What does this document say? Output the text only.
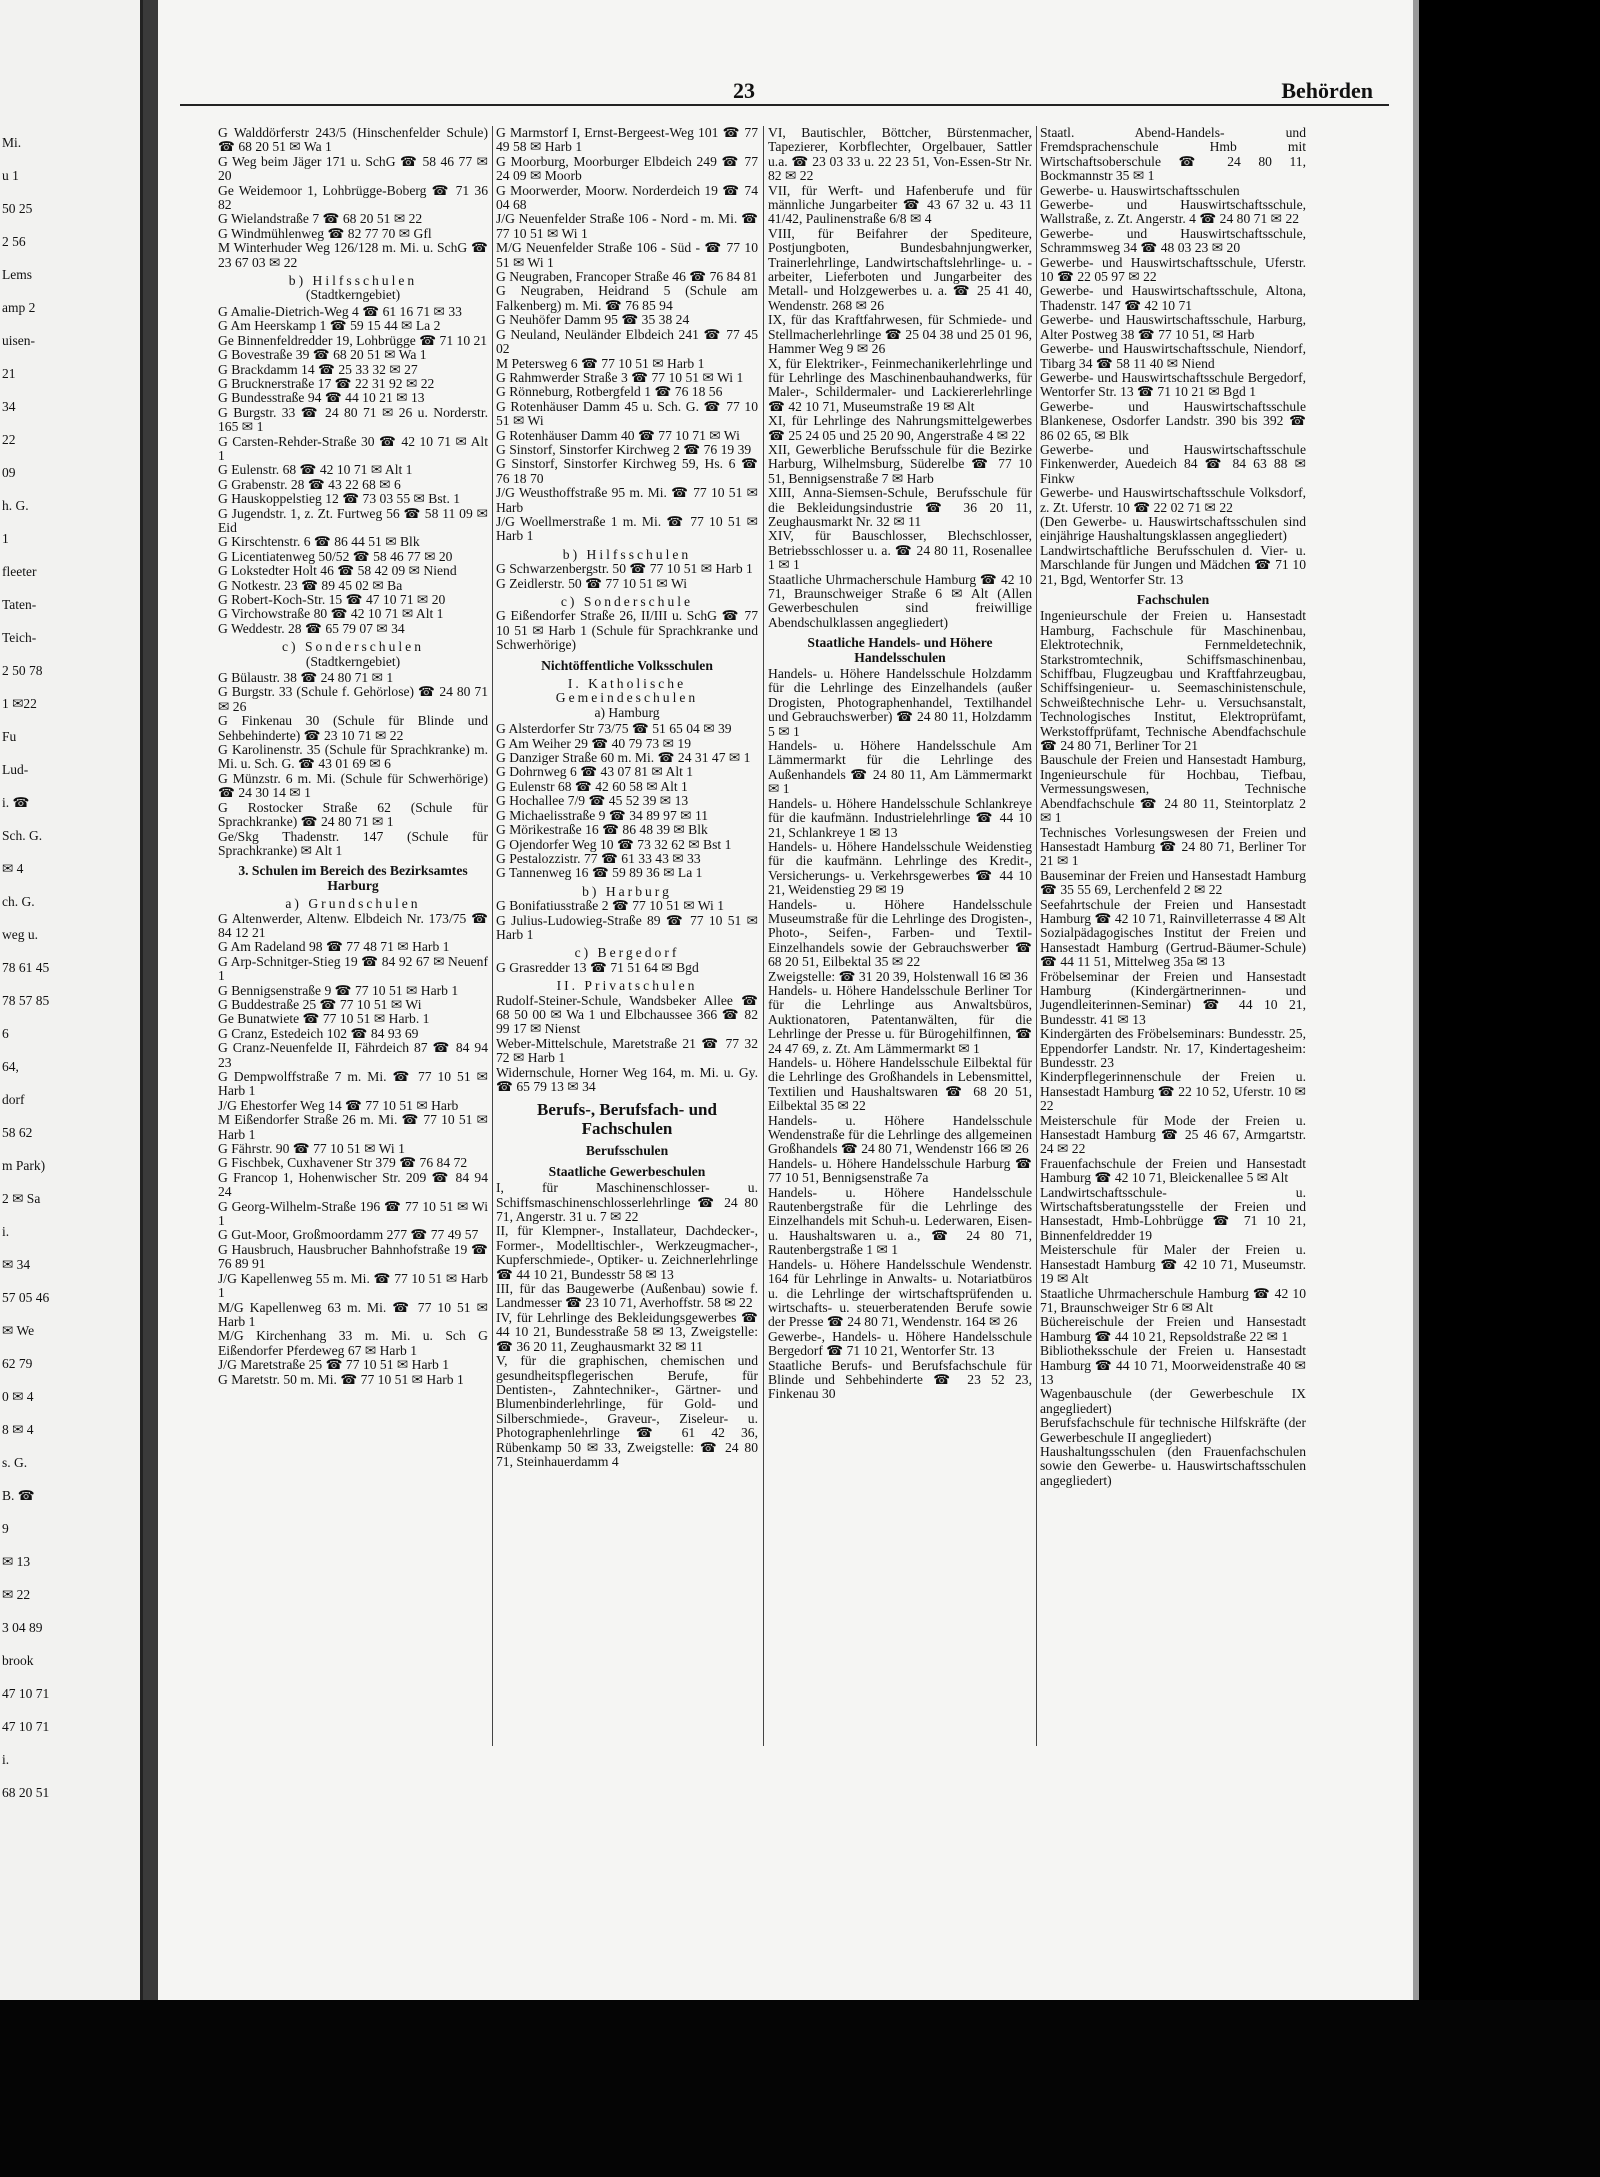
Mi.
u 1
50 25
2 56
Lems
amp 2
uisen-
21
34
22
09
h. G.
1
fleeter
Taten-
Teich-
2 50 78
1 ✉22
Fu
Lud-
i. ☎
Sch. G.
✉ 4
ch. G.
weg u.
78 61 45
78 57 85
6
64,
dorf
58 62
m Park)
2 ✉ Sa
i.
✉ 34
57 05 46
✉ We
62 79
0 ✉ 4
8 ✉ 4
s. G.
B. ☎
9
✉ 13
✉ 22
3 04 89
brook
47 10 71
47 10 71
i.
68 20 51
23	Behörden

G Walddörferstr 243/5 (Hinschenfelder Schule) ☎ 68 20 51 ✉ Wa 1

G Weg beim Jäger 171 u. SchG ☎ 58 46 77 ✉ 20

Ge Weidemoor 1, Lohbrügge-Boberg ☎ 71 36 82

G Wielandstraße 7 ☎ 68 20 51 ✉ 22

G Windmühlenweg ☎ 82 77 70 ✉ Gfl

M Winterhuder Weg 126/128 m. Mi. u. SchG ☎ 23 67 03 ✉ 22

b) Hilfsschulen

(Stadtkerngebiet)

G Amalie-Dietrich-Weg 4 ☎ 61 16 71 ✉ 33

G Am Heerskamp 1 ☎ 59 15 44 ✉ La 2

Ge Binnenfeldredder 19, Lohbrügge ☎ 71 10 21

G Bovestraße 39 ☎ 68 20 51 ✉ Wa 1

G Brackdamm 14 ☎ 25 33 32 ✉ 27

G Brucknerstraße 17 ☎ 22 31 92 ✉ 22

G Bundesstraße 94 ☎ 44 10 21 ✉ 13

G Burgstr. 33 ☎ 24 80 71 ✉ 26 u. Norderstr. 165 ✉ 1

G Carsten-Rehder-Straße 30 ☎ 42 10 71 ✉ Alt 1

G Eulenstr. 68 ☎ 42 10 71 ✉ Alt 1

G Grabenstr. 28 ☎ 43 22 68 ✉ 6

G Hauskoppelstieg 12 ☎ 73 03 55 ✉ Bst. 1

G Jugendstr. 1, z. Zt. Furtweg 56 ☎ 58 11 09 ✉ Eid

G Kirschtenstr. 6 ☎ 86 44 51 ✉ Blk

G Licentiatenweg 50/52 ☎ 58 46 77 ✉ 20

G Lokstedter Holt 46 ☎ 58 42 09 ✉ Niend

G Notkestr. 23 ☎ 89 45 02 ✉ Ba

G Robert-Koch-Str. 15 ☎ 47 10 71 ✉ 20

G Virchowstraße 80 ☎ 42 10 71 ✉ Alt 1

G Weddestr. 28 ☎ 65 79 07 ✉ 34

c) Sonderschulen

(Stadtkerngebiet)

G Bülaustr. 38 ☎ 24 80 71 ✉ 1

G Burgstr. 33 (Schule f. Gehörlose) ☎ 24 80 71 ✉ 26

G Finkenau 30 (Schule für Blinde und Sehbehinderte) ☎ 23 10 71 ✉ 22

G Karolinenstr. 35 (Schule für Sprachkranke) m. Mi. u. Sch. G. ☎ 43 01 69 ✉ 6

G Münzstr. 6 m. Mi. (Schule für Schwerhörige) ☎ 24 30 14 ✉ 1

G Rostocker Straße 62 (Schule für Sprachkranke) ☎ 24 80 71 ✉ 1

Ge/Skg Thadenstr. 147 (Schule für Sprachkranke) ✉ Alt 1

3. Schulen im Bereich des Bezirksamtes Harburg

a) Grundschulen

G Altenwerder, Altenw. Elbdeich Nr. 173/75 ☎ 84 12 21

G Am Radeland 98 ☎ 77 48 71 ✉ Harb 1

G Arp-Schnitger-Stieg 19 ☎ 84 92 67 ✉ Neuenf 1

G Bennigsenstraße 9 ☎ 77 10 51 ✉ Harb 1

G Buddestraße 25 ☎ 77 10 51 ✉ Wi

Ge Bunatwiete ☎ 77 10 51 ✉ Harb. 1

G Cranz, Estedeich 102 ☎ 84 93 69

G Cranz-Neuenfelde II, Fährdeich 87 ☎ 84 94 23

G Dempwolffstraße 7 m. Mi. ☎ 77 10 51 ✉ Harb 1

J/G Ehestorfer Weg 14 ☎ 77 10 51 ✉ Harb

M Eißendorfer Straße 26 m. Mi. ☎ 77 10 51 ✉ Harb 1

G Fährstr. 90 ☎ 77 10 51 ✉ Wi 1

G Fischbek, Cuxhavener Str 379 ☎ 76 84 72

G Francop 1, Hohenwischer Str. 209 ☎ 84 94 24

G Georg-Wilhelm-Straße 196 ☎ 77 10 51 ✉ Wi 1

G Gut-Moor, Großmoordamm 277 ☎ 77 49 57

G Hausbruch, Hausbrucher Bahnhofstraße 19 ☎ 76 89 91

J/G Kapellenweg 55 m. Mi. ☎ 77 10 51 ✉ Harb 1

M/G Kapellenweg 63 m. Mi. ☎ 77 10 51 ✉ Harb 1

M/G Kirchenhang 33 m. Mi. u. Sch G Eißendorfer Pferdeweg 67 ✉ Harb 1

J/G Maretstraße 25 ☎ 77 10 51 ✉ Harb 1

G Maretstr. 50 m. Mi. ☎ 77 10 51 ✉ Harb 1

G Marmstorf I, Ernst-Bergeest-Weg 101 ☎ 77 49 58 ✉ Harb 1

G Moorburg, Moorburger Elbdeich 249 ☎ 77 24 09 ✉ Moorb

G Moorwerder, Moorw. Norderdeich 19 ☎ 74 04 68

J/G Neuenfelder Straße 106 - Nord - m. Mi. ☎ 77 10 51 ✉ Wi 1

M/G Neuenfelder Straße 106 - Süd - ☎ 77 10 51 ✉ Wi 1

G Neugraben, Francoper Straße 46 ☎ 76 84 81

G Neugraben, Heidrand 5 (Schule am Falkenberg) m. Mi. ☎ 76 85 94

G Neuhöfer Damm 95 ☎ 35 38 24

G Neuland, Neuländer Elbdeich 241 ☎ 77 45 02

M Petersweg 6 ☎ 77 10 51 ✉ Harb 1

G Rahmwerder Straße 3 ☎ 77 10 51 ✉ Wi 1

G Rönneburg, Rotbergfeld 1 ☎ 76 18 56

G Rotenhäuser Damm 45 u. Sch. G. ☎ 77 10 51 ✉ Wi

G Rotenhäuser Damm 40 ☎ 77 10 71 ✉ Wi

G Sinstorf, Sinstorfer Kirchweg 2 ☎ 76 19 39

G Sinstorf, Sinstorfer Kirchweg 59, Hs. 6 ☎ 76 18 70

J/G Weusthoffstraße 95 m. Mi. ☎ 77 10 51 ✉ Harb

J/G Woellmerstraße 1 m. Mi. ☎ 77 10 51 ✉ Harb 1

b) Hilfsschulen

G Schwarzenbergstr. 50 ☎ 77 10 51 ✉ Harb 1

G Zeidlerstr. 50 ☎ 77 10 51 ✉ Wi

c) Sonderschule

G Eißendorfer Straße 26, II/III u. SchG ☎ 77 10 51 ✉ Harb 1 (Schule für Sprachkranke und Schwerhörige)

Nichtöffentliche Volksschulen

I. Katholische Gemeindeschulen

a) Hamburg

G Alsterdorfer Str 73/75 ☎ 51 65 04 ✉ 39

G Am Weiher 29 ☎ 40 79 73 ✉ 19

G Danziger Straße 60 m. Mi. ☎ 24 31 47 ✉ 1

G Dohrnweg 6 ☎ 43 07 81 ✉ Alt 1

G Eulenstr 68 ☎ 42 60 58 ✉ Alt 1

G Hochallee 7/9 ☎ 45 52 39 ✉ 13

G Michaelisstraße 9 ☎ 34 89 97 ✉ 11

G Mörikestraße 16 ☎ 86 48 39 ✉ Blk

G Ojendorfer Weg 10 ☎ 73 32 62 ✉ Bst 1

G Pestalozzistr. 77 ☎ 61 33 43 ✉ 33

G Tannenweg 16 ☎ 59 89 36 ✉ La 1

b) Harburg

G Bonifatiusstraße 2 ☎ 77 10 51 ✉ Wi 1

G Julius-Ludowieg-Straße 89 ☎ 77 10 51 ✉ Harb 1

c) Bergedorf

G Grasredder 13 ☎ 71 51 64 ✉ Bgd

II. Privatschulen

Rudolf-Steiner-Schule, Wandsbeker Allee ☎ 68 50 00 ✉ Wa 1 und Elbchaussee 366 ☎ 82 99 17 ✉ Nienst

Weber-Mittelschule, Maretstraße 21 ☎ 77 32 72 ✉ Harb 1

Widernschule, Horner Weg 164, m. Mi. u. Gy. ☎ 65 79 13 ✉ 34

Berufs-, Berufsfach- und Fachschulen

Berufsschulen

Staatliche Gewerbeschulen

I, für Maschinenschlosser- u. Schiffsmaschinenschlosserlehrlinge ☎ 24 80 71, Angerstr. 31 u. 7 ✉ 22

II, für Klempner-, Installateur, Dachdecker-, Former-, Modelltischler-, Werkzeugmacher-, Kupferschmiede-, Optiker- u. Zeichnerlehrlinge ☎ 44 10 21, Bundesstr 58 ✉ 13

III, für das Baugewerbe (Außenbau) sowie f. Landmesser ☎ 23 10 71, Averhoffstr. 58 ✉ 22

IV, für Lehrlinge des Bekleidungsgewerbes ☎ 44 10 21, Bundesstraße 58 ✉ 13, Zweigstelle: ☎ 36 20 11, Zeughausmarkt 32 ✉ 11

V, für die graphischen, chemischen und gesundheitspflegerischen Berufe, für Dentisten-, Zahntechniker-, Gärtner- und Blumenbinderlehrlinge, für Gold- und Silberschmiede-, Graveur-, Ziseleur- u. Photographenlehrlinge ☎ 61 42 36, Rübenkamp 50 ✉ 33, Zweigstelle: ☎ 24 80 71, Steinhauerdamm 4

VI, Bautischler, Böttcher, Bürstenmacher, Tapezierer, Korbflechter, Orgelbauer, Sattler u.a. ☎ 23 03 33 u. 22 23 51, Von-Essen-Str Nr. 82 ✉ 22

VII, für Werft- und Hafenberufe und für männliche Jungarbeiter ☎ 43 67 32 u. 43 11 41/42, Paulinenstraße 6/8 ✉ 4

VIII, für Beifahrer der Spediteure, Postjungboten, Bundesbahnjungwerker, Trainerlehrlinge, Landwirtschaftslehrlinge- u. -arbeiter, Lieferboten und Jungarbeiter des Metall- und Holzgewerbes u. a. ☎ 25 41 40, Wendenstr. 268 ✉ 26

IX, für das Kraftfahrwesen, für Schmiede- und Stellmacherlehrlinge ☎ 25 04 38 und 25 01 96, Hammer Weg 9 ✉ 26

X, für Elektriker-, Feinmechanikerlehrlinge und für Lehrlinge des Maschinenbauhandwerks, für Maler-, Schildermaler- und Lackiererlehrlinge ☎ 42 10 71, Museumstraße 19 ✉ Alt

XI, für Lehrlinge des Nahrungsmittelgewerbes ☎ 25 24 05 und 25 20 90, Angerstraße 4 ✉ 22

XII, Gewerbliche Berufsschule für die Bezirke Harburg, Wilhelmsburg, Süderelbe ☎ 77 10 51, Bennigsenstraße 7 ✉ Harb

XIII, Anna-Siemsen-Schule, Berufsschule für die Bekleidungsindustrie ☎ 36 20 11, Zeughausmarkt Nr. 32 ✉ 11

XIV, für Bauschlosser, Blechschlosser, Betriebsschlosser u. a. ☎ 24 80 11, Rosenallee 1 ✉ 1

Staatliche Uhrmacherschule Hamburg ☎ 42 10 71, Braunschweiger Straße 6 ✉ Alt (Allen Gewerbeschulen sind freiwillige Abendschulklassen angegliedert)

Staatliche Handels- und Höhere Handelsschulen

Handels- u. Höhere Handelsschule Holzdamm für die Lehrlinge des Einzelhandels (außer Drogisten, Photographenhandel, Textilhandel und Gebrauchswerber) ☎ 24 80 11, Holzdamm 5 ✉ 1

Handels- u. Höhere Handelsschule Am Lämmermarkt für die Lehrlinge des Außenhandels ☎ 24 80 11, Am Lämmermarkt ✉ 1

Handels- u. Höhere Handelsschule Schlankreye für die kaufmänn. Industrielehrlinge ☎ 44 10 21, Schlankreye 1 ✉ 13

Handels- u. Höhere Handelsschule Weidenstieg für die kaufmänn. Lehrlinge des Kredit-, Versicherungs- u. Verkehrsgewerbes ☎ 44 10 21, Weidenstieg 29 ✉ 19

Handels- u. Höhere Handelsschule Museumstraße für die Lehrlinge des Drogisten-, Photo-, Seifen-, Farben- und Textil-Einzelhandels sowie der Gebrauchswerber ☎ 68 20 51, Eilbektal 35 ✉ 22

Zweigstelle: ☎ 31 20 39, Holstenwall 16 ✉ 36

Handels- u. Höhere Handelsschule Berliner Tor für die Lehrlinge aus Anwaltsbüros, Auktionatoren, Patentanwälten, für die Lehrlinge der Presse u. für Bürogehilfinnen, ☎ 24 47 69, z. Zt. Am Lämmermarkt ✉ 1

Handels- u. Höhere Handelsschule Eilbektal für die Lehrlinge des Großhandels in Lebensmittel, Textilien und Haushaltswaren ☎ 68 20 51, Eilbektal 35 ✉ 22

Handels- u. Höhere Handelsschule Wendenstraße für die Lehrlinge des allgemeinen Großhandels ☎ 24 80 71, Wendenstr 166 ✉ 26

Handels- u. Höhere Handelsschule Harburg ☎ 77 10 51, Bennigsenstraße 7a

Handels- u. Höhere Handelsschule Rautenbergstraße für die Lehrlinge des Einzelhandels mit Schuh-u. Lederwaren, Eisen- u. Haushaltswaren u. a., ☎ 24 80 71, Rautenbergstraße 1 ✉ 1

Handels- u. Höhere Handelsschule Wendenstr. 164 für Lehrlinge in Anwalts- u. Notariatbüros u. die Lehrlinge der wirtschaftsprüfenden u. wirtschafts- u. steuerberatenden Berufe sowie der Presse ☎ 24 80 71, Wendenstr. 164 ✉ 26

Gewerbe-, Handels- u. Höhere Handelsschule Bergedorf ☎ 71 10 21, Wentorfer Str. 13

Staatliche Berufs- und Berufsfachschule für Blinde und Sehbehinderte ☎ 23 52 23, Finkenau 30

Staatl. Abend-Handels- und Fremdsprachenschule Hmb mit Wirtschaftsoberschule ☎ 24 80 11, Bockmannstr 35 ✉ 1

Gewerbe- u. Hauswirtschaftsschulen

Gewerbe- und Hauswirtschaftsschule, Wallstraße, z. Zt. Angerstr. 4 ☎ 24 80 71 ✉ 22

Gewerbe- und Hauswirtschaftsschule, Schrammsweg 34 ☎ 48 03 23 ✉ 20

Gewerbe- und Hauswirtschaftsschule, Uferstr. 10 ☎ 22 05 97 ✉ 22

Gewerbe- und Hauswirtschaftsschule, Altona, Thadenstr. 147 ☎ 42 10 71

Gewerbe- und Hauswirtschaftsschule, Harburg, Alter Postweg 38 ☎ 77 10 51, ✉ Harb

Gewerbe- und Hauswirtschaftsschule, Niendorf, Tibarg 34 ☎ 58 11 40 ✉ Niend

Gewerbe- und Hauswirtschaftsschule Bergedorf, Wentorfer Str. 13 ☎ 71 10 21 ✉ Bgd 1

Gewerbe- und Hauswirtschaftsschule Blankenese, Osdorfer Landstr. 390 bis 392 ☎ 86 02 65, ✉ Blk

Gewerbe- und Hauswirtschaftsschule Finkenwerder, Auedeich 84 ☎ 84 63 88 ✉ Finkw

Gewerbe- und Hauswirtschaftsschule Volksdorf, z. Zt. Uferstr. 10 ☎ 22 02 71 ✉ 22

(Den Gewerbe- u. Hauswirtschaftsschulen sind einjährige Haushaltungsklassen angegliedert)

Landwirtschaftliche Berufsschulen d. Vier- u. Marschlande für Jungen und Mädchen ☎ 71 10 21, Bgd, Wentorfer Str. 13

Fachschulen

Ingenieurschule der Freien u. Hansestadt Hamburg, Fachschule für Maschinenbau, Elektrotechnik, Fernmeldetechnik, Starkstromtechnik, Schiffsmaschinenbau, Schiffbau, Flugzeugbau und Kraftfahrzeugbau, Schiffsingenieur- u. Seemaschinistenschule, Schweißtechnische Lehr- u. Versuchsanstalt, Technologisches Institut, Elektroprüfamt, Werkstoffprüfamt, Technische Abendfachschule ☎ 24 80 71, Berliner Tor 21

Bauschule der Freien und Hansestadt Hamburg, Ingenieurschule für Hochbau, Tiefbau, Vermessungswesen, Technische Abendfachschule ☎ 24 80 11, Steintorplatz 2 ✉ 1

Technisches Vorlesungswesen der Freien und Hansestadt Hamburg ☎ 24 80 71, Berliner Tor 21 ✉ 1

Bauseminar der Freien und Hansestadt Hamburg ☎ 35 55 69, Lerchenfeld 2 ✉ 22

Seefahrtschule der Freien und Hansestadt Hamburg ☎ 42 10 71, Rainvilleterrasse 4 ✉ Alt

Sozialpädagogisches Institut der Freien und Hansestadt Hamburg (Gertrud-Bäumer-Schule) ☎ 44 11 51, Mittelweg 35a ✉ 13

Fröbelseminar der Freien und Hansestadt Hamburg (Kindergärtnerinnen- und Jugendleiterinnen-Seminar) ☎ 44 10 21, Bundesstr. 41 ✉ 13

Kindergärten des Fröbelseminars: Bundesstr. 25, Eppendorfer Landstr. Nr. 17, Kindertagesheim: Bundesstr. 23

Kinderpflegerinnenschule der Freien u. Hansestadt Hamburg ☎ 22 10 52, Uferstr. 10 ✉ 22

Meisterschule für Mode der Freien u. Hansestadt Hamburg ☎ 25 46 67, Armgartstr. 24 ✉ 22

Frauenfachschule der Freien und Hansestadt Hamburg ☎ 42 10 71, Bleickenallee 5 ✉ Alt

Landwirtschaftsschule- u. Wirtschaftsberatungsstelle der Freien und Hansestadt, Hmb-Lohbrügge ☎ 71 10 21, Binnenfeldredder 19

Meisterschule für Maler der Freien u. Hansestadt Hamburg ☎ 42 10 71, Museumstr. 19 ✉ Alt

Staatliche Uhrmacherschule Hamburg ☎ 42 10 71, Braunschweiger Str 6 ✉ Alt

Büchereischule der Freien und Hansestadt Hamburg ☎ 44 10 21, Repsoldstraße 22 ✉ 1

Bibliotheksschule der Freien u. Hansestadt Hamburg ☎ 44 10 71, Moorweidenstraße 40 ✉ 13

Wagenbauschule (der Gewerbeschule IX angegliedert)

Berufsfachschule für technische Hilfskräfte (der Gewerbeschule II angegliedert)

Haushaltungsschulen (den Frauenfachschulen sowie den Gewerbe- u. Hauswirtschaftsschulen angegliedert)
